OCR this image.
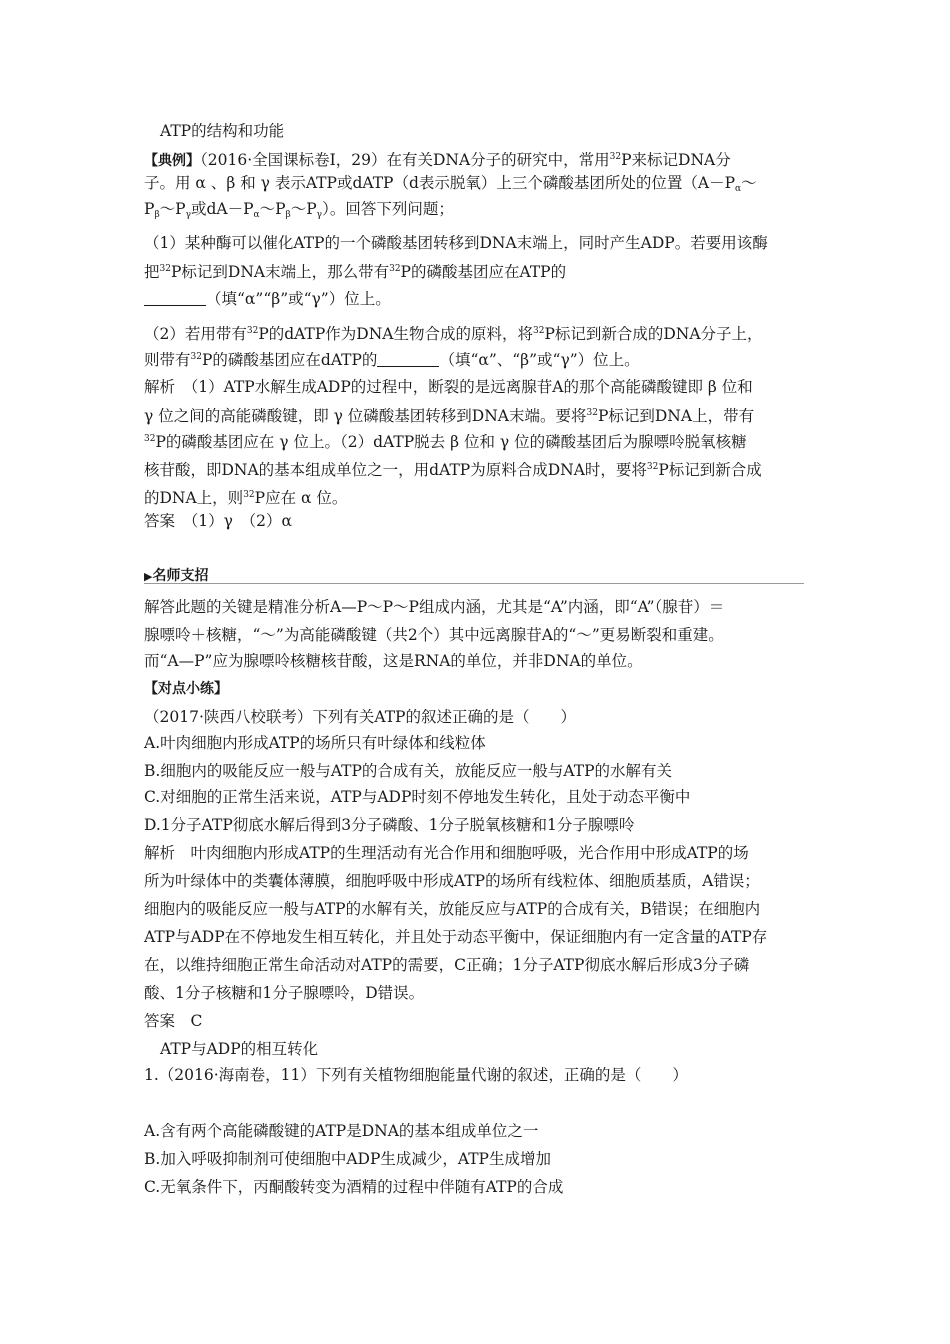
ATP的结构和功能
【典例】（2016·全国课标卷Ⅰ，29）在有关DNA分子的研究中，常用$^{32}$P来标记DNA分
子。用 α 、β 和 γ 表示ATP或dATP（d表示脱氧）上三个磷酸基团所处的位置（$A-P_\alpha\sim$
$P_\beta\sim P_\gamma$或$dA-P_\alpha\sim P_\beta\sim P_\gamma$）。回答下列问题；
（1）某种酶可以催化ATP的一个磷酸基团转移到DNA末端上，同时产生ADP。若要用该酶
把$^{32}$P标记到DNA末端上，那么带有$^{32}$P的磷酸基团应在ATP的
（填“α”“β”或“γ”）位上。
（2）若用带有$^{32}$P的dATP作为DNA生物合成的原料，将$^{32}$P标记到新合成的DNA分子上，
则带有$^{32}$P的磷酸基团应在dATP的	（填“α”、“β”或“γ”）位上。
解析　（1）ATP水解生成ADP的过程中，断裂的是远离腺苷A的那个高能磷酸键即 β 位和
γ 位之间的高能磷酸键，即 γ 位磷酸基团转移到DNA末端。要将$^{32}$P标记到DNA上，带有
$^{32}$P的磷酸基团应在 γ 位上。（2）dATP脱去 β 位和 γ 位的磷酸基团后为腺嘌呤脱氧核糖
核苷酸，即DNA的基本组成单位之一，用dATP为原料合成DNA时，要将$^{32}$P标记到新合成
的DNA上，则$^{32}$P应在 α 位。
答案　（1）γ　（2）α
▶名师支招
解答此题的关键是精准分析A—P～P～P组成内涵，尤其是“A”内涵，即“A”（腺苷）＝
腺嘌呤＋核糖，“～”为高能磷酸键（共2个）其中远离腺苷A的“～”更易断裂和重建。
而“A—P”应为腺嘌呤核糖核苷酸，这是RNA的单位，并非DNA的单位。
【对点小练】
（2017·陕西八校联考）下列有关ATP的叙述正确的是（　　）
A.叶肉细胞内形成ATP的场所只有叶绿体和线粒体
B.细胞内的吸能反应一般与ATP的合成有关，放能反应一般与ATP的水解有关
C.对细胞的正常生活来说，ATP与ADP时刻不停地发生转化，且处于动态平衡中
D.1分子ATP彻底水解后得到3分子磷酸、1分子脱氧核糖和1分子腺嘌呤
解析　叶肉细胞内形成ATP的生理活动有光合作用和细胞呼吸，光合作用中形成ATP的场
所为叶绿体中的类囊体薄膜，细胞呼吸中形成ATP的场所有线粒体、细胞质基质，A错误；
细胞内的吸能反应一般与ATP的水解有关，放能反应与ATP的合成有关，B错误；在细胞内
ATP与ADP在不停地发生相互转化，并且处于动态平衡中，保证细胞内有一定含量的ATP存
在，以维持细胞正常生命活动对ATP的需要，C正确；1分子ATP彻底水解后形成3分子磷
酸、1分子核糖和1分子腺嘌呤，D错误。
答案　C
ATP与ADP的相互转化
1.（2016·海南卷，11）下列有关植物细胞能量代谢的叙述，正确的是（　　）
A.含有两个高能磷酸键的ATP是DNA的基本组成单位之一
B.加入呼吸抑制剂可使细胞中ADP生成减少，ATP生成增加
C.无氧条件下，丙酮酸转变为酒精的过程中伴随有ATP的合成
